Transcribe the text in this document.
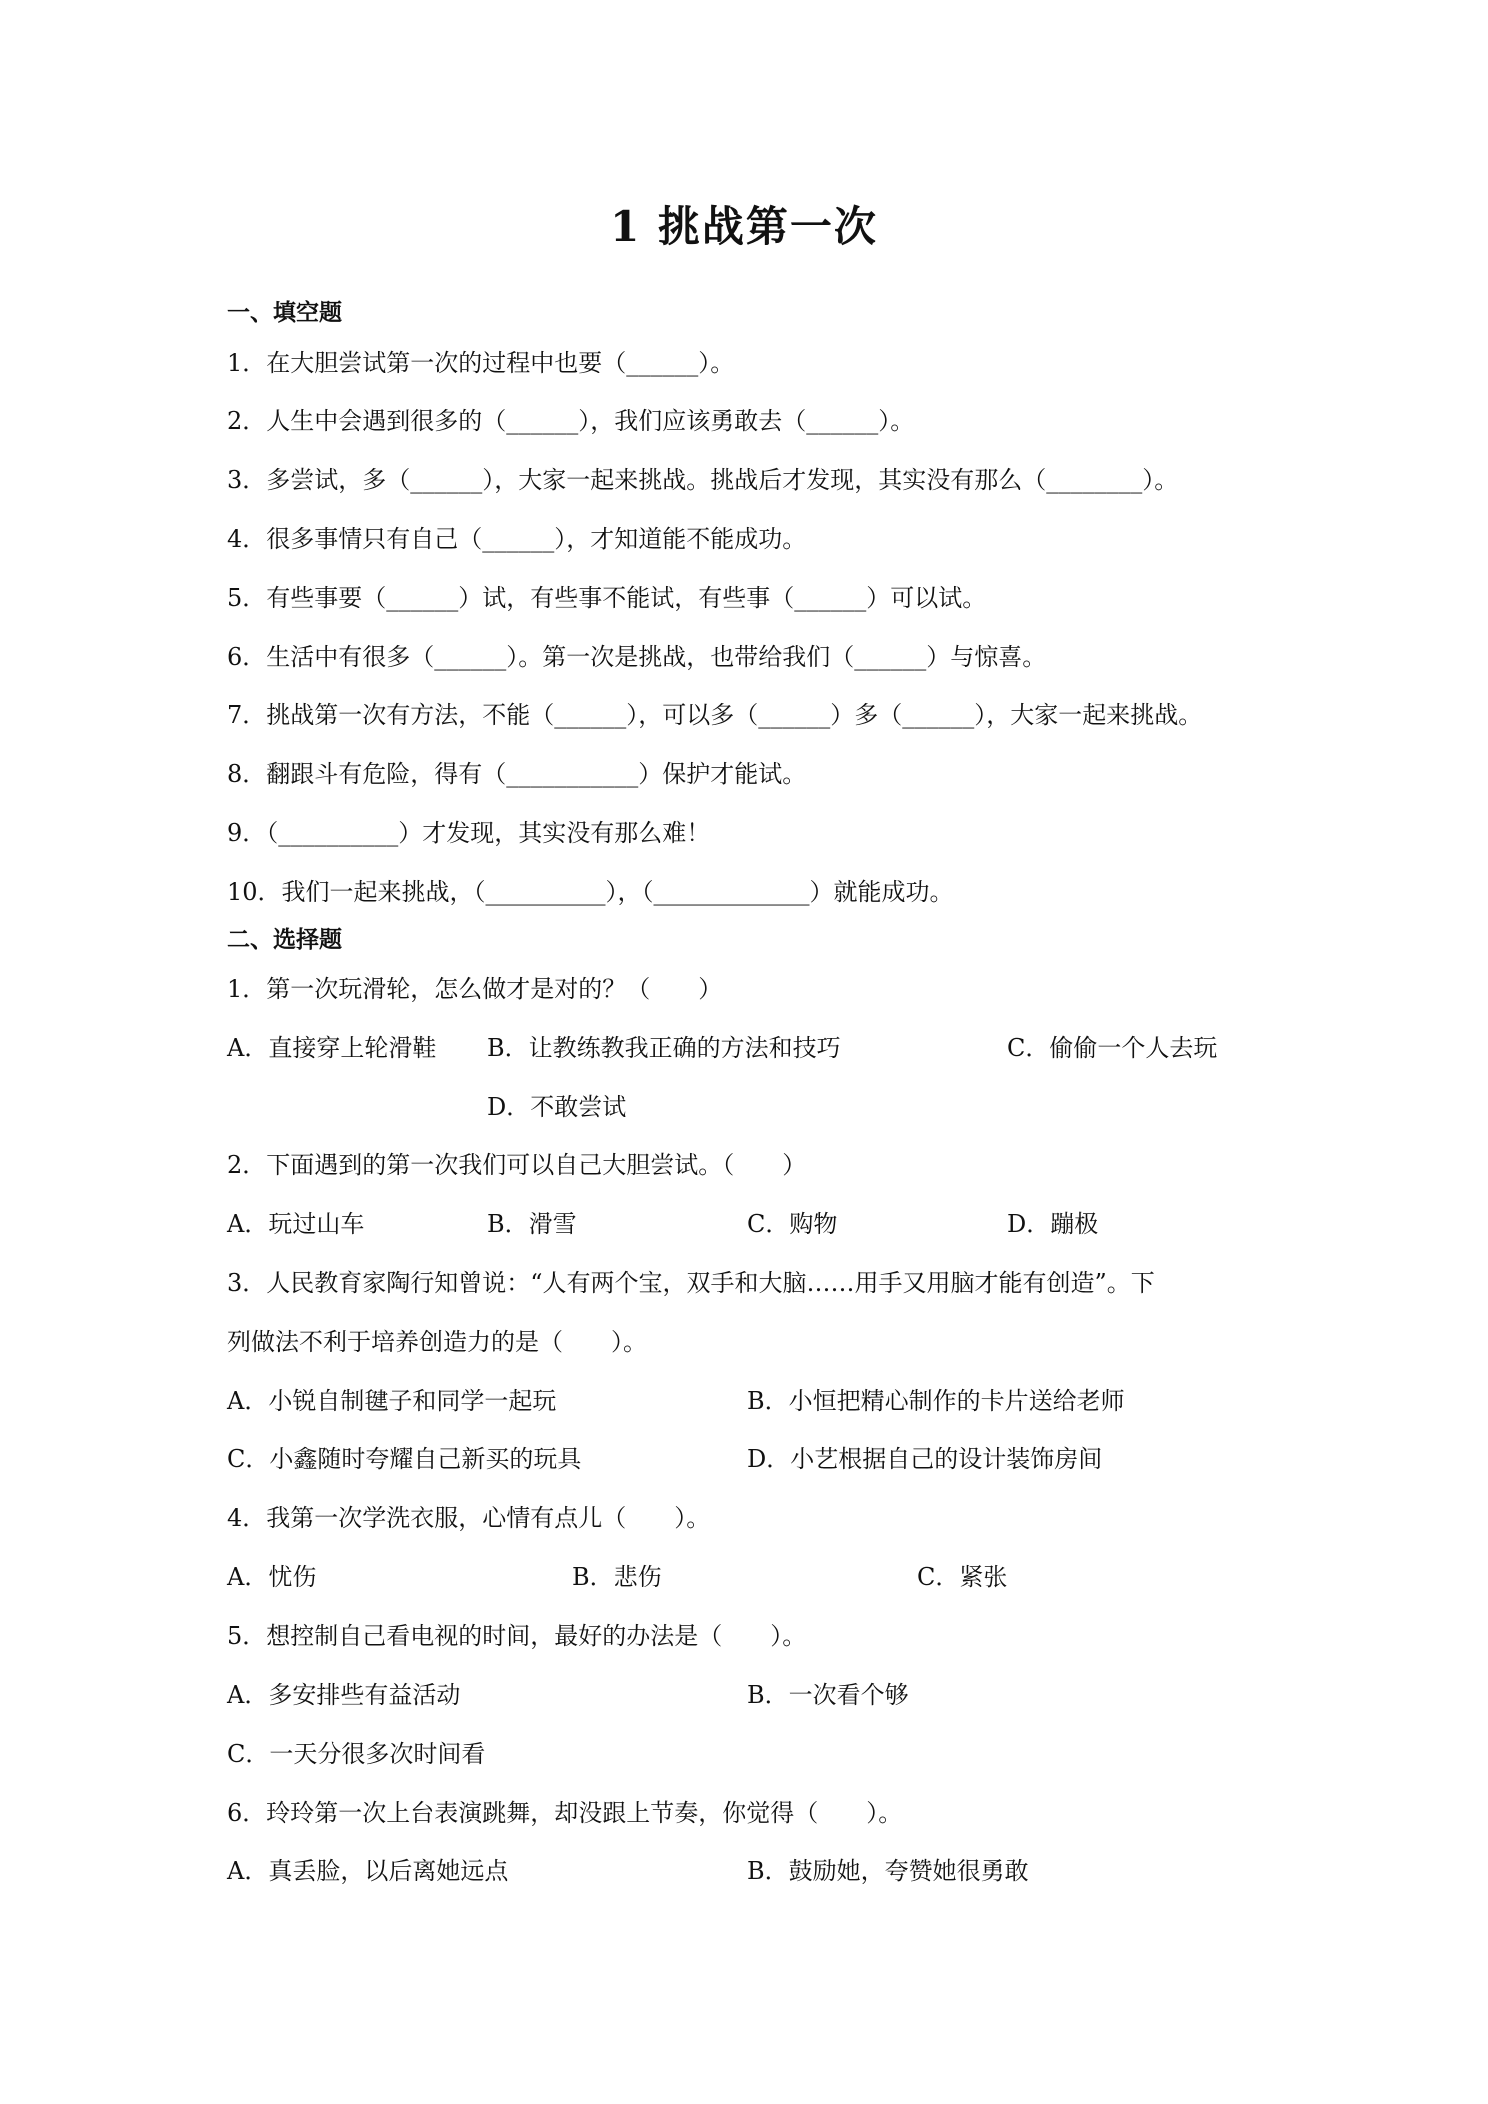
1 挑战第一次
一、填空题
1．在大胆尝试第一次的过程中也要（______）。
2．人生中会遇到很多的（______），我们应该勇敢去（______）。
3．多尝试，多（______），大家一起来挑战。挑战后才发现，其实没有那么（________）。
4．很多事情只有自己（______），才知道能不能成功。
5．有些事要（______）试，有些事不能试，有些事（______）可以试。
6．生活中有很多（______）。第一次是挑战，也带给我们（______）与惊喜。
7．挑战第一次有方法，不能（______），可以多（______）多（______），大家一起来挑战。
8．翻跟斗有危险，得有（___________）保护才能试。
9．（__________）才发现，其实没有那么难！
10．我们一起来挑战，（__________），（_____________）就能成功。
二、选择题
1．第一次玩滑轮，怎么做才是对的？（　　）
A．直接穿上轮滑鞋 B．让教练教我正确的方法和技巧	C．偷偷一个人去玩
D．不敢尝试
2．下面遇到的第一次我们可以自己大胆尝试。（　　）
A．玩过山车	B．滑雪	C．购物	D．蹦极
3．人民教育家陶行知曾说：“人有两个宝，双手和大脑……用手又用脑才能有创造”。下
列做法不利于培养创造力的是（　　）。
A．小锐自制毽子和同学一起玩	B．小恒把精心制作的卡片送给老师
C．小鑫随时夸耀自己新买的玩具	D．小艺根据自己的设计装饰房间
4．我第一次学洗衣服，心情有点儿（　　）。
A．忧伤	B．悲伤	C．紧张
5．想控制自己看电视的时间，最好的办法是（　　）。
A．多安排些有益活动	B．一次看个够
C．一天分很多次时间看
6．玲玲第一次上台表演跳舞，却没跟上节奏，你觉得（　　）。
A．真丢脸，以后离她远点	B．鼓励她，夸赞她很勇敢
